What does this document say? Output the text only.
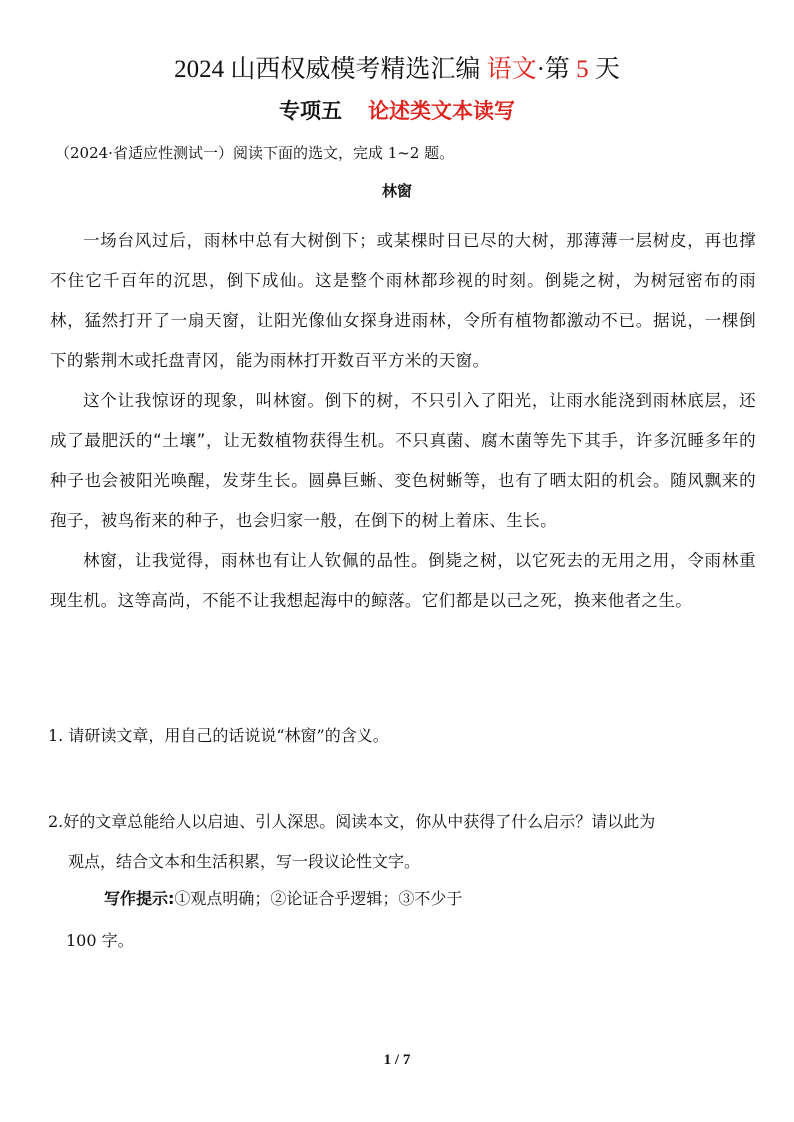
2024 山西权威模考精选汇编 语文·第 5 天
专项五 论述类文本读写
（2024·省适应性测试一）阅读下面的选文，完成 1~2 题。
林窗

一场台风过后，雨林中总有大树倒下；或某棵时日已尽的大树，那薄薄一层树皮，再也撑不住它千百年的沉思，倒下成仙。这是整个雨林都珍视的时刻。倒毙之树，为树冠密布的雨林，猛然打开了一扇天窗，让阳光像仙女探身进雨林，令所有植物都激动不已。据说，一棵倒下的紫荆木或托盘青冈，能为雨林打开数百平方米的天窗。

这个让我惊讶的现象，叫林窗。倒下的树，不只引入了阳光，让雨水能浇到雨林底层，还成了最肥沃的“土壤”，让无数植物获得生机。不只真菌、腐木菌等先下其手，许多沉睡多年的种子也会被阳光唤醒，发芽生长。圆鼻巨蜥、变色树蜥等，也有了晒太阳的机会。随风飘来的孢子，被鸟衔来的种子，也会归家一般，在倒下的树上着床、生长。

林窗，让我觉得，雨林也有让人钦佩的品性。倒毙之树，以它死去的无用之用，令雨林重现生机。这等高尚，不能不让我想起海中的鲸落。它们都是以己之死，换来他者之生。

1. 请研读文章，用自己的话说说“林窗”的含义。
2.好的文章总能给人以启迪、引人深思。阅读本文，你从中获得了什么启示？请以此为
观点，结合文本和生活积累，写一段议论性文字。
写作提示:①观点明确；②论证合乎逻辑；③不少于
100 字。
1 / 7
